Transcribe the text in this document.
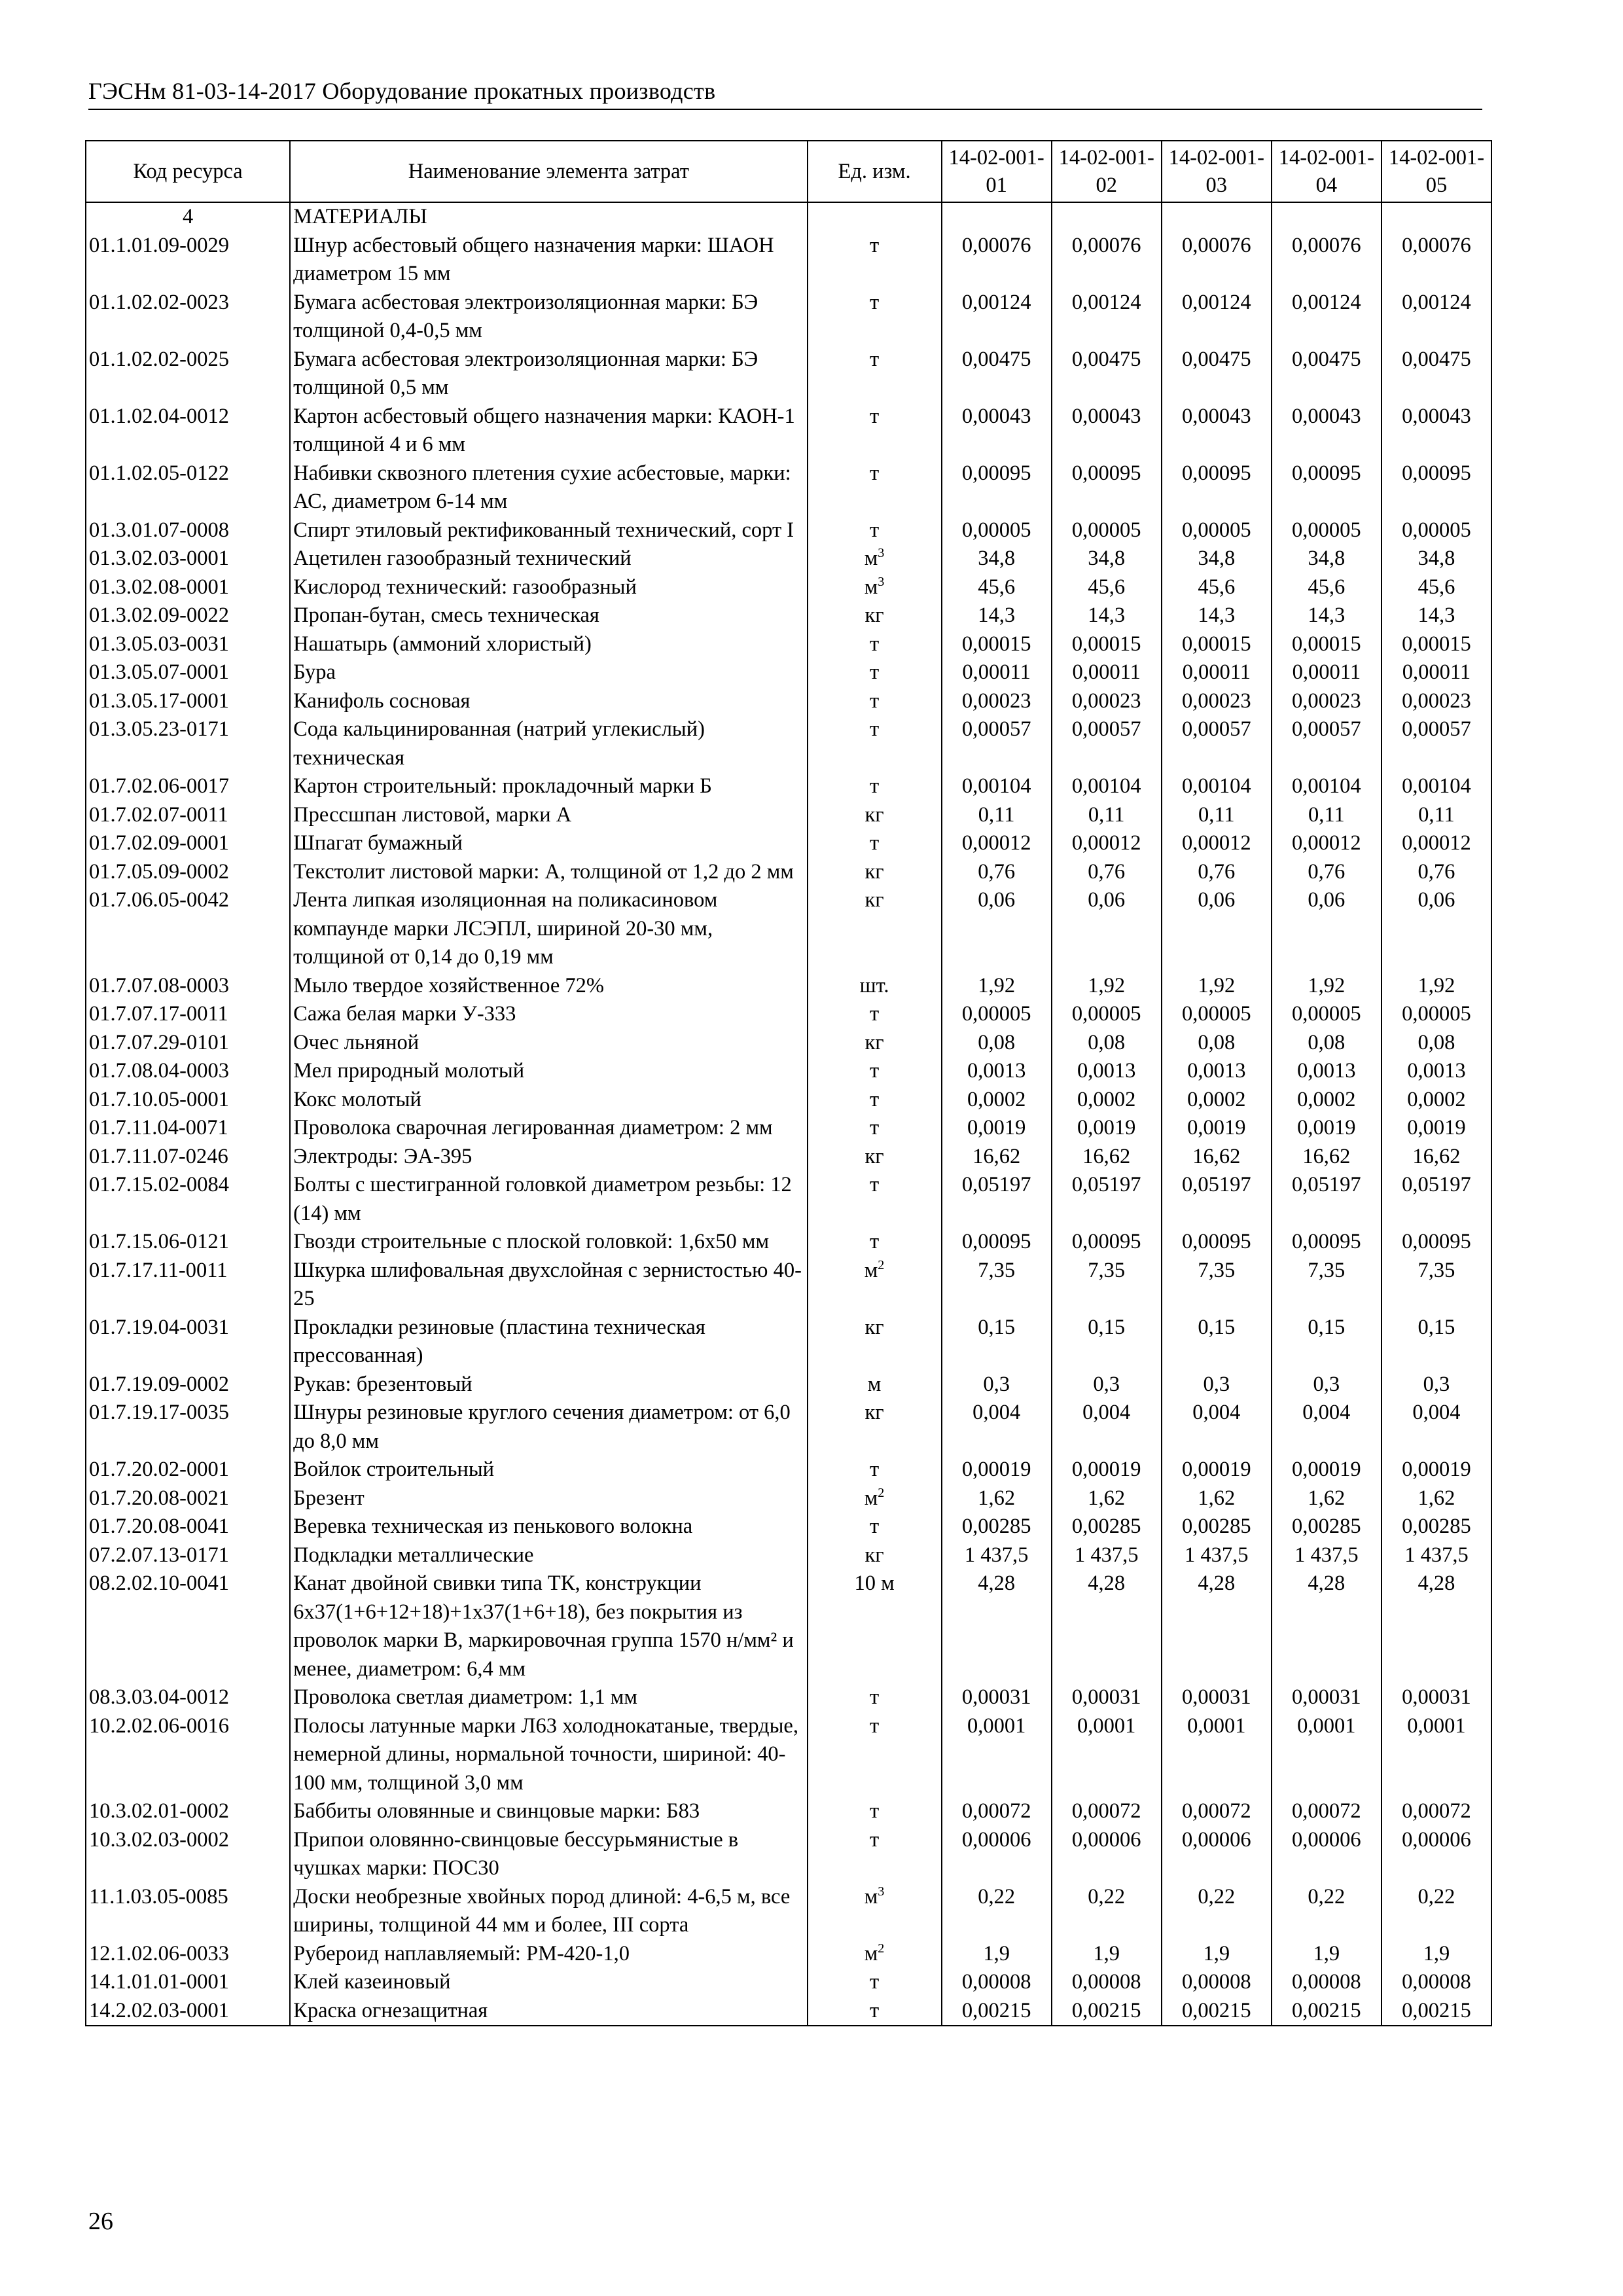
ГЭСНм 81-03-14-2017 Оборудование прокатных производств
Код ресурса	Наименование элемента затрат	Ед. изм.	14-02-001-01	14-02-001-02	14-02-001-03	14-02-001-04	14-02-001-05
4	МАТЕРИАЛЫ						
01.1.01.09-0029	Шнур асбестовый общего назначения марки: ШАОН диаметром 15 мм	т	0,00076	0,00076	0,00076	0,00076	0,00076
01.1.02.02-0023	Бумага асбестовая электроизоляционная марки: БЭ толщиной 0,4-0,5 мм	т	0,00124	0,00124	0,00124	0,00124	0,00124
01.1.02.02-0025	Бумага асбестовая электроизоляционная марки: БЭ толщиной 0,5 мм	т	0,00475	0,00475	0,00475	0,00475	0,00475
01.1.02.04-0012	Картон асбестовый общего назначения марки: КАОН-1 толщиной 4 и 6 мм	т	0,00043	0,00043	0,00043	0,00043	0,00043
01.1.02.05-0122	Набивки сквозного плетения сухие асбестовые, марки: АС, диаметром 6-14 мм	т	0,00095	0,00095	0,00095	0,00095	0,00095
01.3.01.07-0008	Спирт этиловый ректификованный технический, сорт I	т	0,00005	0,00005	0,00005	0,00005	0,00005
01.3.02.03-0001	Ацетилен газообразный технический	$м^3$	34,8	34,8	34,8	34,8	34,8
01.3.02.08-0001	Кислород технический: газообразный	$м^3$	45,6	45,6	45,6	45,6	45,6
01.3.02.09-0022	Пропан-бутан, смесь техническая	кг	14,3	14,3	14,3	14,3	14,3
01.3.05.03-0031	Нашатырь (аммоний хлористый)	т	0,00015	0,00015	0,00015	0,00015	0,00015
01.3.05.07-0001	Бура	т	0,00011	0,00011	0,00011	0,00011	0,00011
01.3.05.17-0001	Канифоль сосновая	т	0,00023	0,00023	0,00023	0,00023	0,00023
01.3.05.23-0171	Сода кальцинированная (натрий углекислый) техническая	т	0,00057	0,00057	0,00057	0,00057	0,00057
01.7.02.06-0017	Картон строительный: прокладочный марки Б	т	0,00104	0,00104	0,00104	0,00104	0,00104
01.7.02.07-0011	Прессшпан листовой, марки А	кг	0,11	0,11	0,11	0,11	0,11
01.7.02.09-0001	Шпагат бумажный	т	0,00012	0,00012	0,00012	0,00012	0,00012
01.7.05.09-0002	Текстолит листовой марки: А, толщиной от 1,2 до 2 мм	кг	0,76	0,76	0,76	0,76	0,76
01.7.06.05-0042	Лента липкая изоляционная на поликасиновом компаунде марки ЛСЭПЛ, шириной 20-30 мм, толщиной от 0,14 до 0,19 мм	кг	0,06	0,06	0,06	0,06	0,06
01.7.07.08-0003	Мыло твердое хозяйственное 72%	шт.	1,92	1,92	1,92	1,92	1,92
01.7.07.17-0011	Сажа белая марки У-333	т	0,00005	0,00005	0,00005	0,00005	0,00005
01.7.07.29-0101	Очес льняной	кг	0,08	0,08	0,08	0,08	0,08
01.7.08.04-0003	Мел природный молотый	т	0,0013	0,0013	0,0013	0,0013	0,0013
01.7.10.05-0001	Кокс молотый	т	0,0002	0,0002	0,0002	0,0002	0,0002
01.7.11.04-0071	Проволока сварочная легированная диаметром: 2 мм	т	0,0019	0,0019	0,0019	0,0019	0,0019
01.7.11.07-0246	Электроды: ЭА-395	кг	16,62	16,62	16,62	16,62	16,62
01.7.15.02-0084	Болты с шестигранной головкой диаметром резьбы: 12 (14) мм	т	0,05197	0,05197	0,05197	0,05197	0,05197
01.7.15.06-0121	Гвозди строительные с плоской головкой: 1,6х50 мм	т	0,00095	0,00095	0,00095	0,00095	0,00095
01.7.17.11-0011	Шкурка шлифовальная двухслойная с зернистостью 40-25	$м^2$	7,35	7,35	7,35	7,35	7,35
01.7.19.04-0031	Прокладки резиновые (пластина техническая прессованная)	кг	0,15	0,15	0,15	0,15	0,15
01.7.19.09-0002	Рукав: брезентовый	м	0,3	0,3	0,3	0,3	0,3
01.7.19.17-0035	Шнуры резиновые круглого сечения диаметром: от 6,0 до 8,0 мм	кг	0,004	0,004	0,004	0,004	0,004
01.7.20.02-0001	Войлок строительный	т	0,00019	0,00019	0,00019	0,00019	0,00019
01.7.20.08-0021	Брезент	$м^2$	1,62	1,62	1,62	1,62	1,62
01.7.20.08-0041	Веревка техническая из пенькового волокна	т	0,00285	0,00285	0,00285	0,00285	0,00285
07.2.07.13-0171	Подкладки металлические	кг	1 437,5	1 437,5	1 437,5	1 437,5	1 437,5
08.2.02.10-0041	Канат двойной свивки типа ТК, конструкции 6х37(1+6+12+18)+1х37(1+6+18), без покрытия из проволок марки В, маркировочная группа 1570 н/мм² и менее, диаметром: 6,4 мм	10 м	4,28	4,28	4,28	4,28	4,28
08.3.03.04-0012	Проволока светлая диаметром: 1,1 мм	т	0,00031	0,00031	0,00031	0,00031	0,00031
10.2.02.06-0016	Полосы латунные марки Л63 холоднокатаные, твердые, немерной длины, нормальной точности, шириной: 40-100 мм, толщиной 3,0 мм	т	0,0001	0,0001	0,0001	0,0001	0,0001
10.3.02.01-0002	Баббиты оловянные и свинцовые марки: Б83	т	0,00072	0,00072	0,00072	0,00072	0,00072
10.3.02.03-0002	Припои оловянно-свинцовые бессурьмянистые в чушках марки: ПОС30	т	0,00006	0,00006	0,00006	0,00006	0,00006
11.1.03.05-0085	Доски необрезные хвойных пород длиной: 4-6,5 м, все ширины, толщиной 44 мм и более, III сорта	$м^3$	0,22	0,22	0,22	0,22	0,22
12.1.02.06-0033	Рубероид наплавляемый: РМ-420-1,0	$м^2$	1,9	1,9	1,9	1,9	1,9
14.1.01.01-0001	Клей казеиновый	т	0,00008	0,00008	0,00008	0,00008	0,00008
14.2.02.03-0001	Краска огнезащитная	т	0,00215	0,00215	0,00215	0,00215	0,00215
26
